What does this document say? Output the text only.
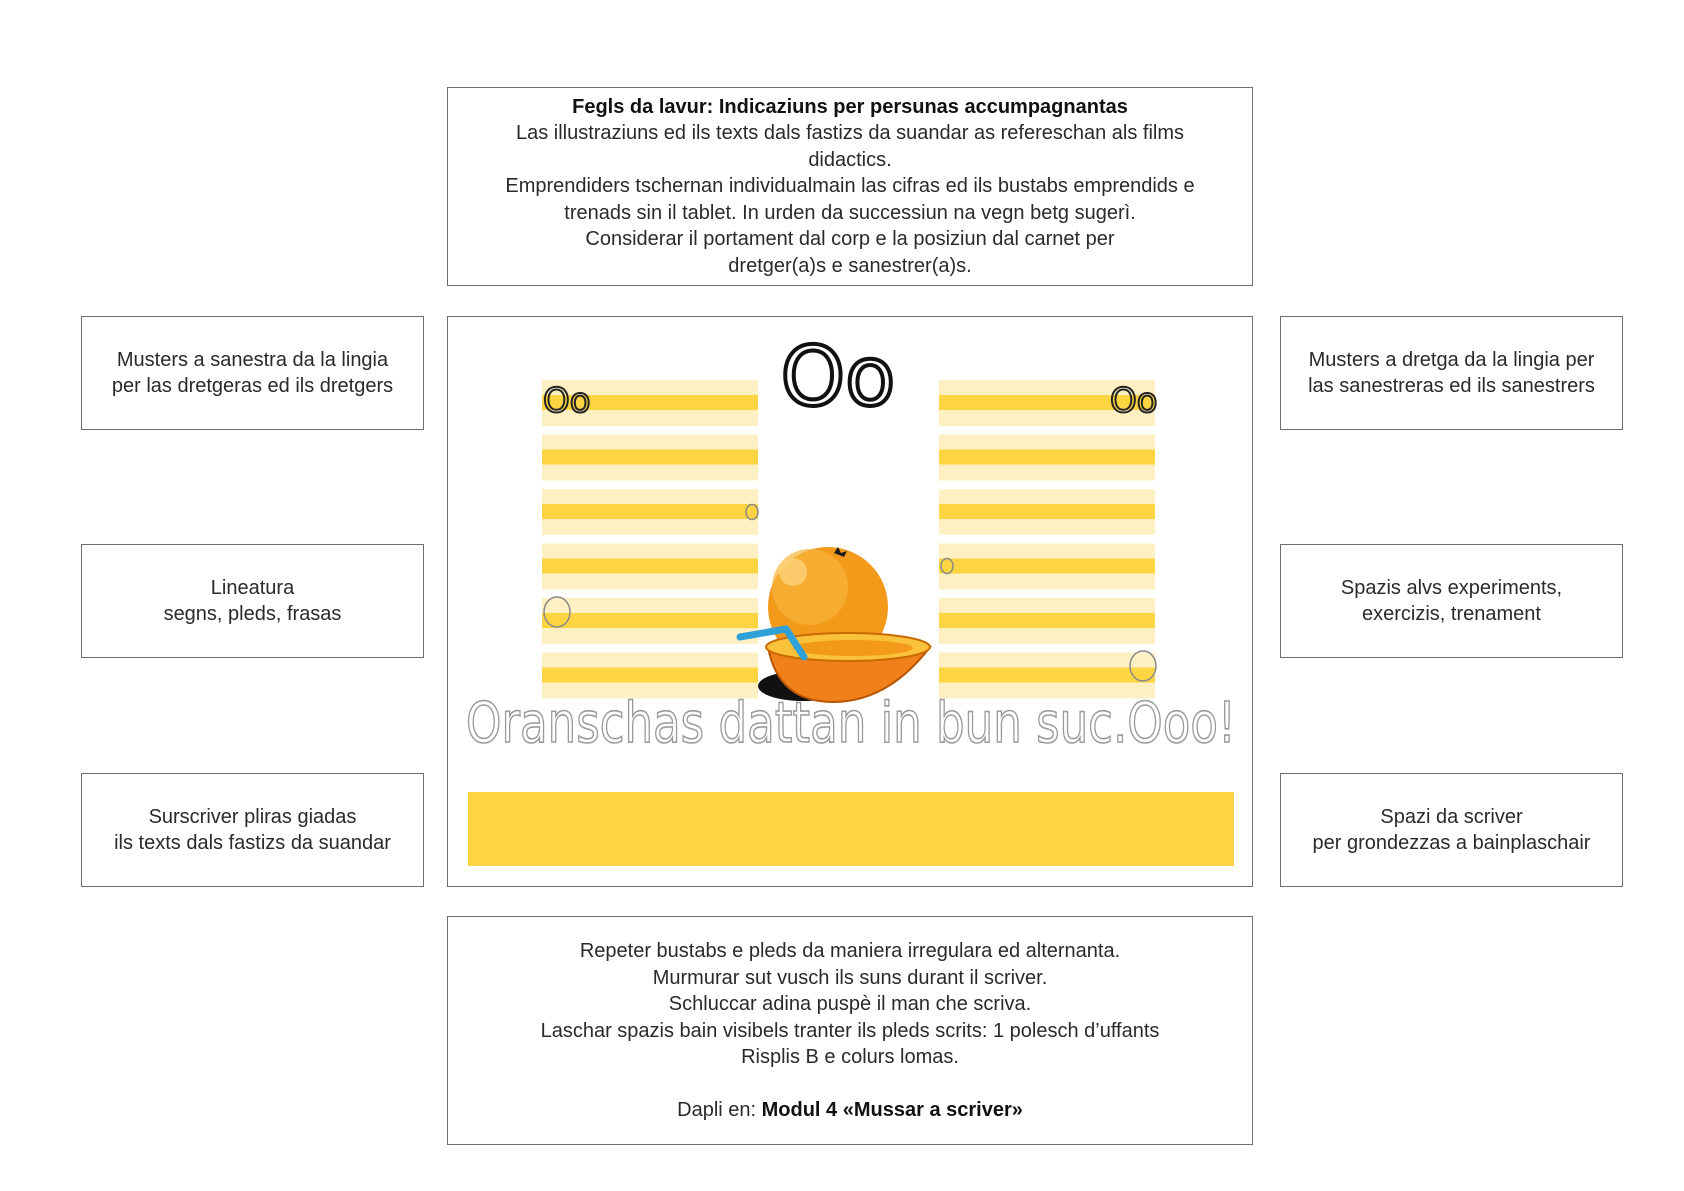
Fegls da lavur: Indicaziuns per persunas accumpagnantas
Las illustraziuns ed ils texts dals fastizs da suandar as refereschan als films
didactics.
Emprendiders tschernan individualmain las cifras ed ils bustabs emprendids e
trenads sin il tablet. In urden da successiun na vegn betg sugerì.
Considerar il portament dal corp e la posiziun dal carnet per
dretger(a)s e sanestrer(a)s.
Musters a sanestra da la lingia
per las dretgeras ed ils dretgers
Lineatura
segns, pleds, frasas
Surscriver pliras giadas
ils texts dals fastizs da suandar
Musters a dretga da la lingia per
las sanestreras ed ils sanestrers
Spazis alvs experiments,
exercizis, trenament
Spazi da scriver
per grondezzas a bainplaschair
Oo
Oo	Oo
Oranschas dattan in bun suc.Ooo!
Repeter bustabs e pleds da maniera irregulara ed alternanta.
Murmurar sut vusch ils suns durant il scriver.
Schluccar adina puspè il man che scriva.
Laschar spazis bain visibels tranter ils pleds scrits: 1 polesch d’uffants
Risplis B e colurs lomas.
Dapli en: Modul 4 «Mussar a scriver»
